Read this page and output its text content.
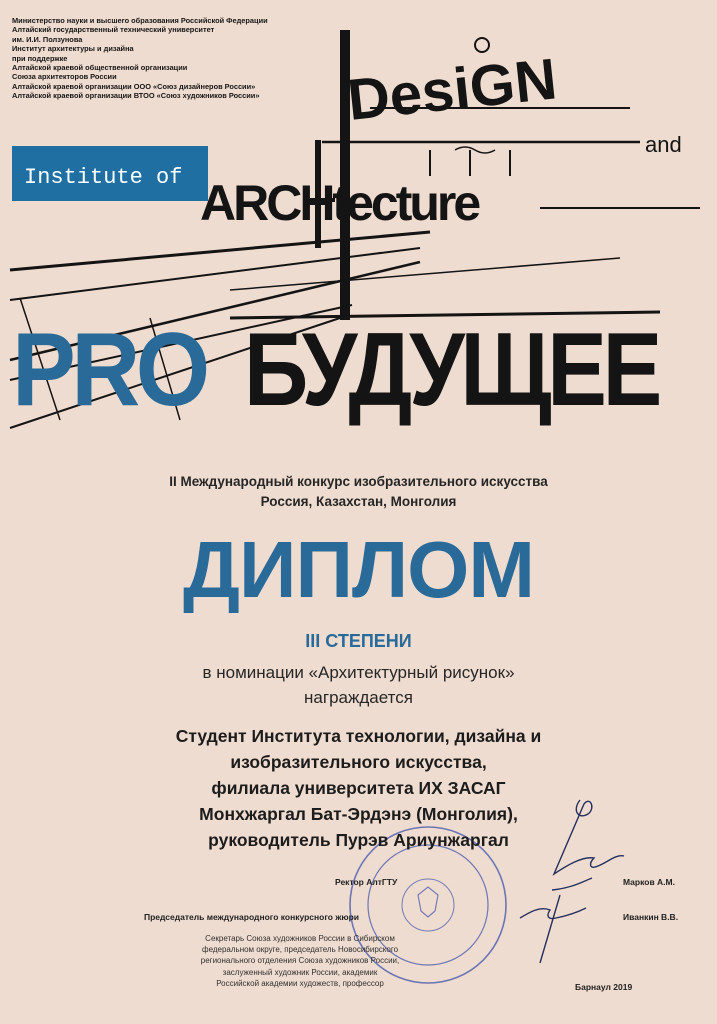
Министерство науки и высшего образования Российской Федерации
Алтайский государственный технический университет
им. И.И. Ползунова
Институт архитектуры и дизайна
при поддержке
Алтайской краевой общественной организации
Союза архитекторов России
Алтайской краевой организации ООО «Союз дизайнеров России»
Алтайской краевой организации ВТОО «Союз художников России»
Institute of
DesiGN
and
ARCHtecture
PRO БУДУЩЕЕ
II Международный конкурс изобразительного искусства
Россия, Казахстан, Монголия
ДИПЛОМ
III СТЕПЕНИ
в номинации «Архитектурный рисунок»
награждается
Студент Института технологии, дизайна и
изобразительного искусства,
филиала университета ИХ ЗАСАГ
Монхжаргал Бат-Эрдэнэ (Монголия),
руководитель Пурэв Ариунжаргал
Ректор АлтГТУ	Марков А.М.
Председатель международного конкурсного жюри	Иванкин В.В.
Секретарь Союза художников России в Сибирском
федеральном округе, председатель Новосибирского
регионального отделения Союза художников России,
заслуженный художник России, академик
Российской академии художеств, профессор	Барнаул 2019
